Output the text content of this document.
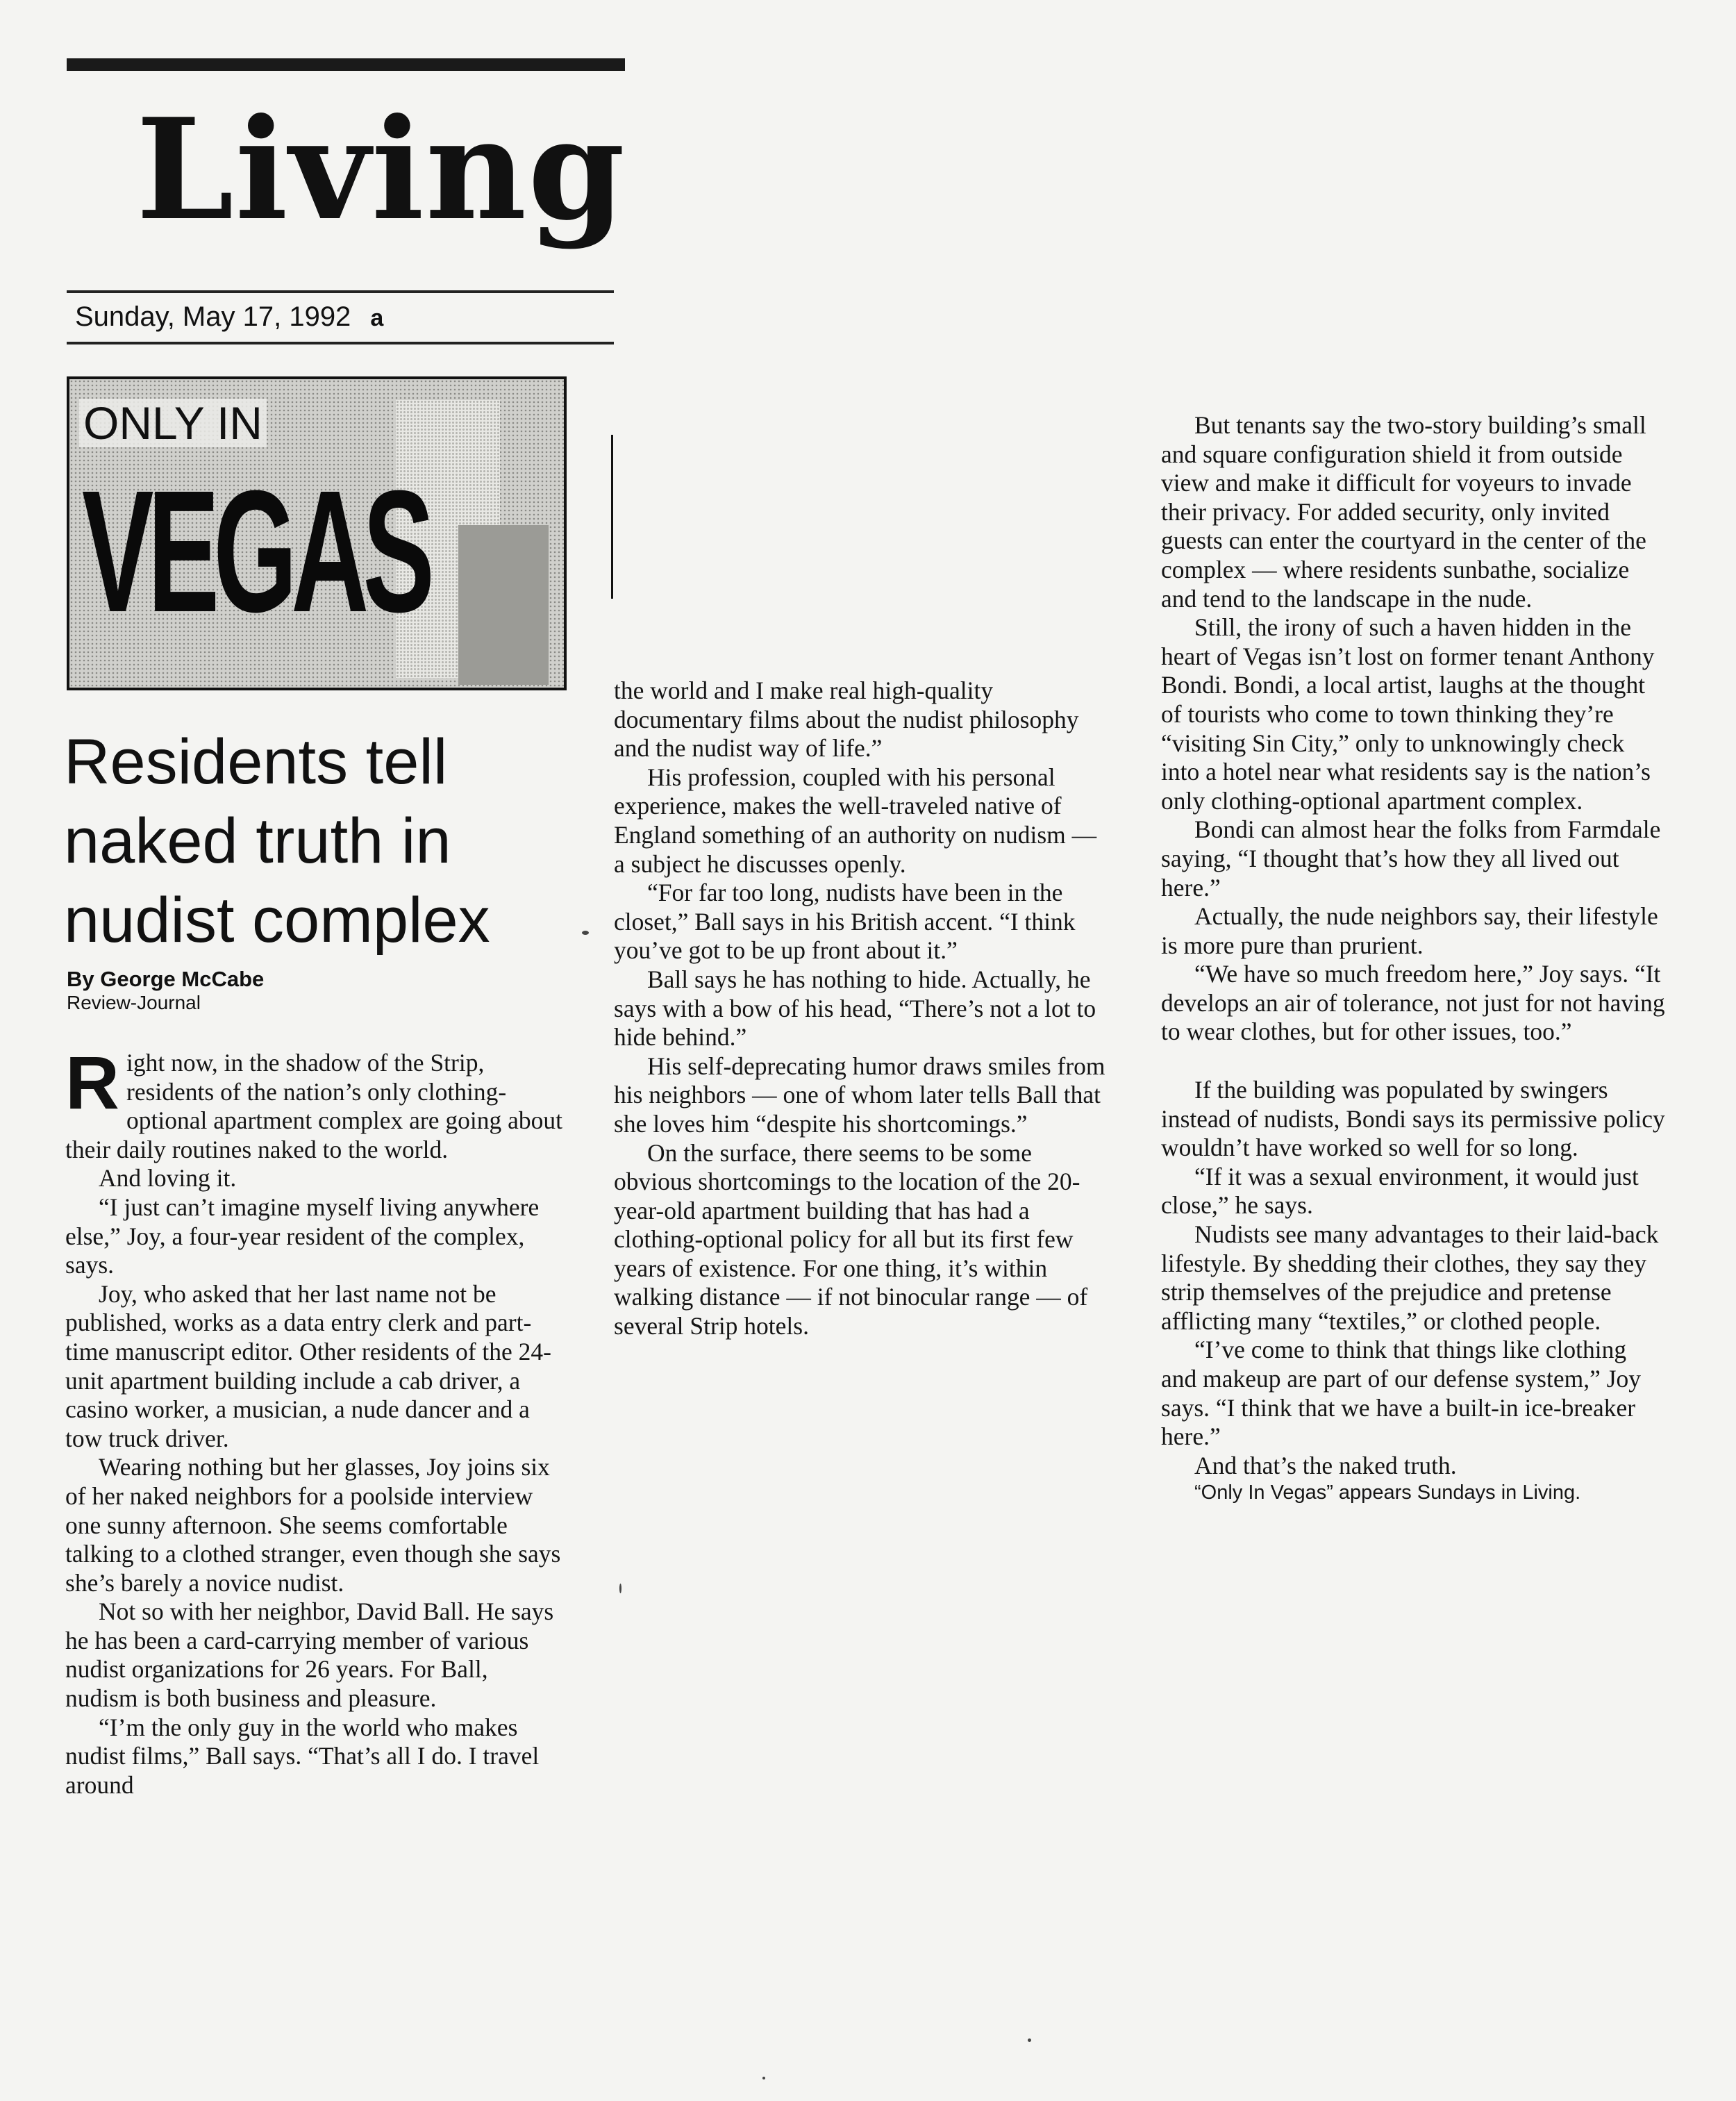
Living
Sunday, May 17, 1992 a
ONLY IN
VEGAS
Residents tell naked truth in nudist complex
By George McCabe
Review-Journal

Right now, in the shadow of the Strip, residents of the nation’s only clothing-optional apartment complex are going about their daily routines naked to the world.

And loving it.

“I just can’t imagine myself living anywhere else,” Joy, a four-year resident of the complex, says.

Joy, who asked that her last name not be published, works as a data entry clerk and part-time manuscript editor. Other residents of the 24-unit apartment building include a cab driver, a casino worker, a musician, a nude dancer and a tow truck driver.

Wearing nothing but her glasses, Joy joins six of her naked neighbors for a poolside interview one sunny afternoon. She seems comfortable talking to a clothed stranger, even though she says she’s barely a novice nudist.

Not so with her neighbor, David Ball. He says he has been a card-carrying member of various nudist organizations for 26 years. For Ball, nudism is both business and pleasure.

“I’m the only guy in the world who makes nudist films,” Ball says. “That’s all I do. I travel around

the world and I make real high-quality documentary films about the nudist philosophy and the nudist way of life.”

His profession, coupled with his personal experience, makes the well-traveled native of England something of an authority on nudism — a subject he discusses openly.

“For far too long, nudists have been in the closet,” Ball says in his British accent. “I think you’ve got to be up front about it.”

Ball says he has nothing to hide. Actually, he says with a bow of his head, “There’s not a lot to hide behind.”

His self-deprecating humor draws smiles from his neighbors — one of whom later tells Ball that she loves him “despite his shortcomings.”

On the surface, there seems to be some obvious shortcomings to the location of the 20-year-old apartment building that has had a clothing-optional policy for all but its first few years of existence. For one thing, it’s within walking distance — if not binocular range — of several Strip hotels.

But tenants say the two-story building’s small and square configuration shield it from outside view and make it difficult for voyeurs to invade their privacy. For added security, only invited guests can enter the courtyard in the center of the complex — where residents sunbathe, socialize and tend to the landscape in the nude.

Still, the irony of such a haven hidden in the heart of Vegas isn’t lost on former tenant Anthony Bondi. Bondi, a local artist, laughs at the thought of tourists who come to town thinking they’re “visiting Sin City,” only to unknowingly check into a hotel near what residents say is the nation’s only clothing-optional apartment complex.

Bondi can almost hear the folks from Farmdale saying, “I thought that’s how they all lived out here.”

Actually, the nude neighbors say, their lifestyle is more pure than prurient.

“We have so much freedom here,” Joy says. “It develops an air of tolerance, not just for not having to wear clothes, but for other issues, too.”

If the building was populated by swingers instead of nudists, Bondi says its permissive policy wouldn’t have worked so well for so long.

“If it was a sexual environment, it would just close,” he says.

Nudists see many advantages to their laid-back lifestyle. By shedding their clothes, they say they strip themselves of the prejudice and pretense afflicting many “textiles,” or clothed people.

“I’ve come to think that things like clothing and makeup are part of our defense system,” Joy says. “I think that we have a built-in ice-breaker here.”

And that’s the naked truth.

“Only In Vegas” appears Sundays in Living.
